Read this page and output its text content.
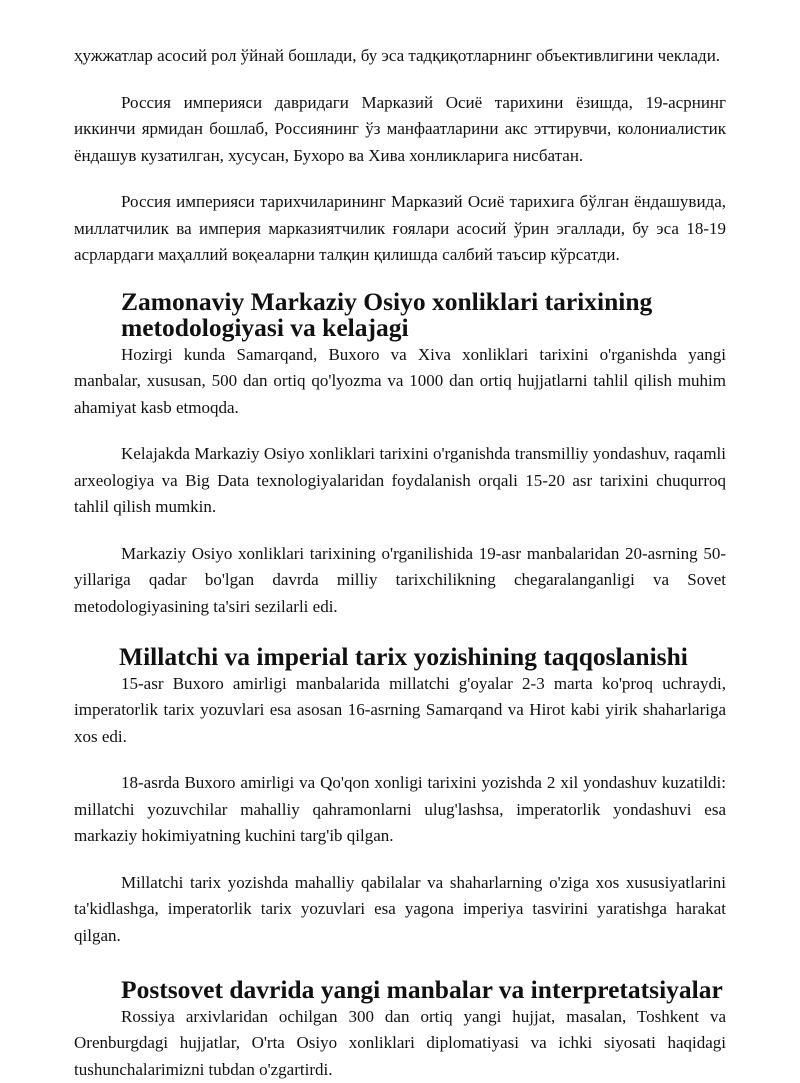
ҳужжатлар асосий рол ўйнай бошлади, бу эса тадқиқотларнинг объективлигини чеклади.

Россия империяси давридаги Марказий Осиё тарихини ёзишда, 19-асрнинг иккинчи ярмидан бошлаб, Россиянинг ўз манфаатларини акс эттирувчи, колониалистик ёндашув кузатилган, хусусан, Бухоро ва Хива хонликларига нисбатан.

Россия империяси тарихчиларининг Марказий Осиё тарихига бўлган ёндашувида, миллатчилик ва империя марказиятчилик ғоялари асосий ўрин эгаллади, бу эса 18-19 асрлардаги маҳаллий воқеаларни талқин қилишда салбий таъсир кўрсатди.

Zamonaviy Markaziy Osiyo xonliklari tarixining metodologiyasi va kelajagi

Hozirgi kunda Samarqand, Buxoro va Xiva xonliklari tarixini o'rganishda yangi manbalar, xususan, 500 dan ortiq qo'lyozma va 1000 dan ortiq hujjatlarni tahlil qilish muhim ahamiyat kasb etmoqda.

Kelajakda Markaziy Osiyo xonliklari tarixini o'rganishda transmilliy yondashuv, raqamli arxeologiya va Big Data texnologiyalaridan foydalanish orqali 15-20 asr tarixini chuqurroq tahlil qilish mumkin.

Markaziy Osiyo xonliklari tarixining o'rganilishida 19-asr manbalaridan 20-asrning 50-yillariga qadar bo'lgan davrda milliy tarixchilikning chegaralanganligi va Sovet metodologiyasining ta'siri sezilarli edi.

Millatchi va imperial tarix yozishining taqqoslanishi

15-asr Buxoro amirligi manbalarida millatchi g'oyalar 2-3 marta ko'proq uchraydi, imperatorlik tarix yozuvlari esa asosan 16-asrning Samarqand va Hirot kabi yirik shaharlariga xos edi.

18-asrda Buxoro amirligi va Qo'qon xonligi tarixini yozishda 2 xil yondashuv kuzatildi: millatchi yozuvchilar mahalliy qahramonlarni ulug'lashsa, imperatorlik yondashuvi esa markaziy hokimiyatning kuchini targ'ib qilgan.

Millatchi tarix yozishda mahalliy qabilalar va shaharlarning o'ziga xos xususiyatlarini ta'kidlashga, imperatorlik tarix yozuvlari esa yagona imperiya tasvirini yaratishga harakat qilgan.

Postsovet davrida yangi manbalar va interpretatsiyalar

Rossiya arxivlaridan ochilgan 300 dan ortiq yangi hujjat, masalan, Toshkent va Orenburgdagi hujjatlar, O'rta Osiyo xonliklari diplomatiyasi va ichki siyosati haqidagi tushunchalarimizni tubdan o'zgartirdi.
